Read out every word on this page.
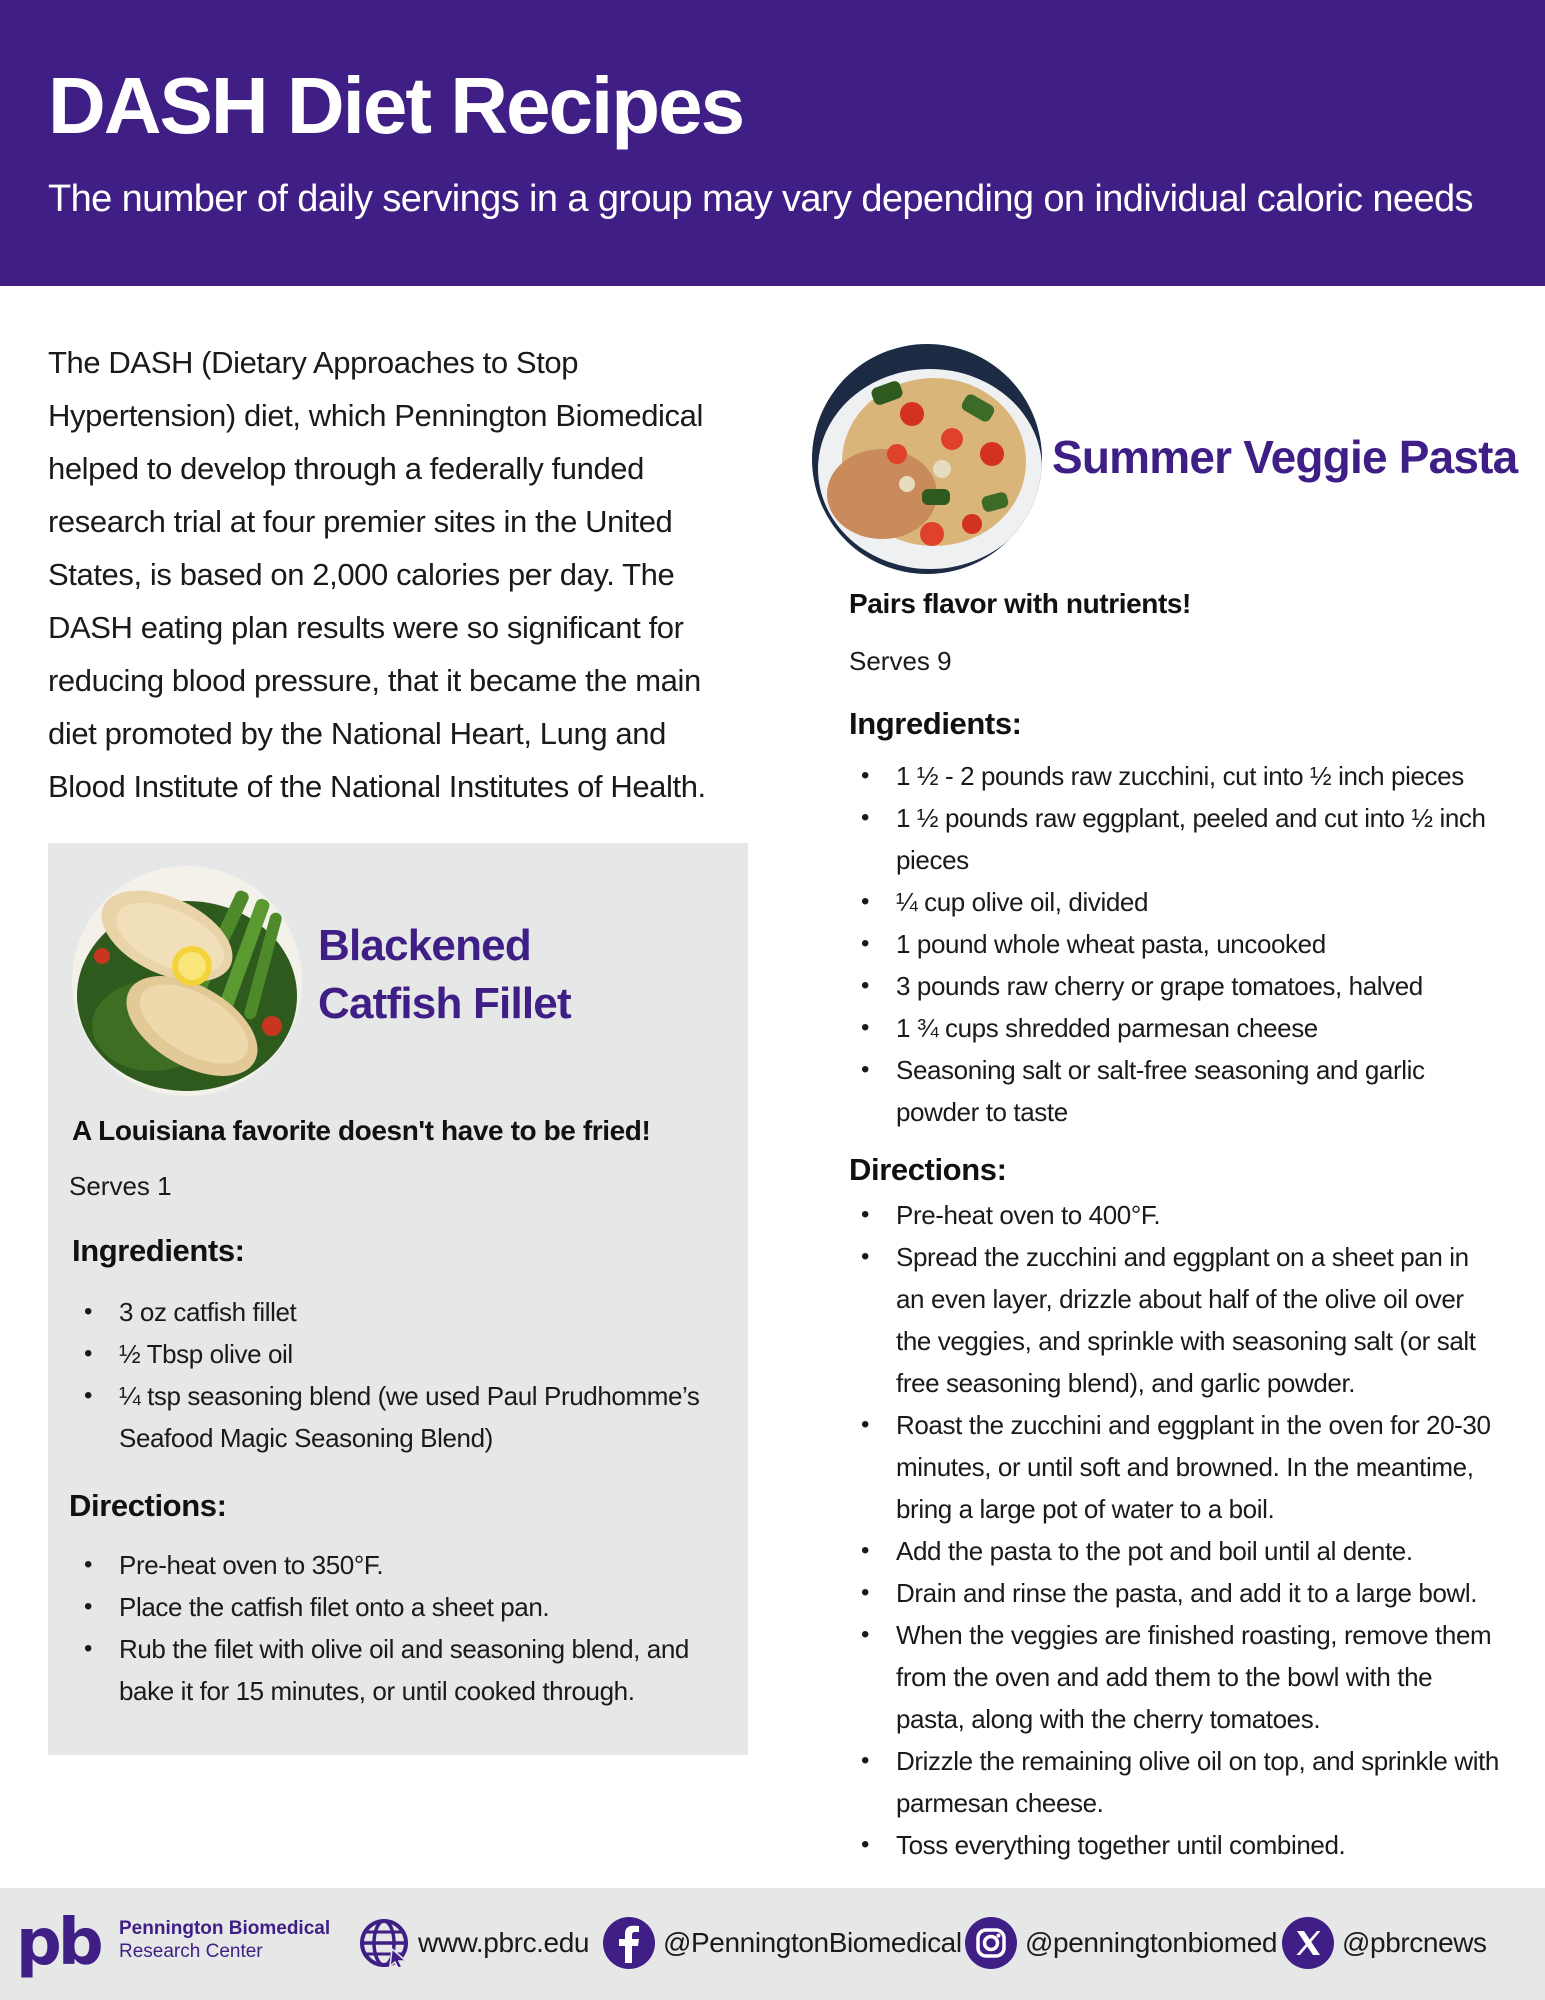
DASH Diet Recipes
The number of daily servings in a group may vary depending on individual caloric needs

The DASH (Dietary Approaches to Stop Hypertension) diet, which Pennington Biomedical helped to develop through a federally funded research trial at four premier sites in the United States, is based on 2,000 calories per day. The DASH eating plan results were so significant for reducing blood pressure, that it became the main diet promoted by the National Heart, Lung and Blood Institute of the National Institutes of Health.

Blackened
Catfish Fillet
A Louisiana favorite doesn't have to be fried!
Serves 1
Ingredients:
• 3 oz catfish fillet
• ½ Tbsp olive oil
• ¼ tsp seasoning blend (we used Paul Prudhomme’s Seafood Magic Seasoning Blend)
Directions:
• Pre-heat oven to 350°F.
• Place the catfish filet onto a sheet pan.
• Rub the filet with olive oil and seasoning blend, and bake it for 15 minutes, or until cooked through.
Summer Veggie Pasta
Pairs flavor with nutrients!
Serves 9
Ingredients:
• 1 ½ - 2 pounds raw zucchini, cut into ½ inch pieces
• 1 ½ pounds raw eggplant, peeled and cut into ½ inch pieces
• ¼ cup olive oil, divided
• 1 pound whole wheat pasta, uncooked
• 3 pounds raw cherry or grape tomatoes, halved
• 1 ¾ cups shredded parmesan cheese
• Seasoning salt or salt-free seasoning and garlic powder to taste
Directions:
• Pre-heat oven to 400°F.
• Spread the zucchini and eggplant on a sheet pan in an even layer, drizzle about half of the olive oil over the veggies, and sprinkle with seasoning salt (or salt free seasoning blend), and garlic powder.
• Roast the zucchini and eggplant in the oven for 20-30 minutes, or until soft and browned. In the meantime, bring a large pot of water to a boil.
• Add the pasta to the pot and boil until al dente.
• Drain and rinse the pasta, and add it to a large bowl.
• When the veggies are finished roasting, remove them from the oven and add them to the bowl with the pasta, along with the cherry tomatoes.
• Drizzle the remaining olive oil on top, and sprinkle with parmesan cheese.
• Toss everything together until combined.
pb Pennington Biomedical
Research Center	www.pbrc.edu	@PenningtonBiomedical @penningtonbiomed @pbrcnews
